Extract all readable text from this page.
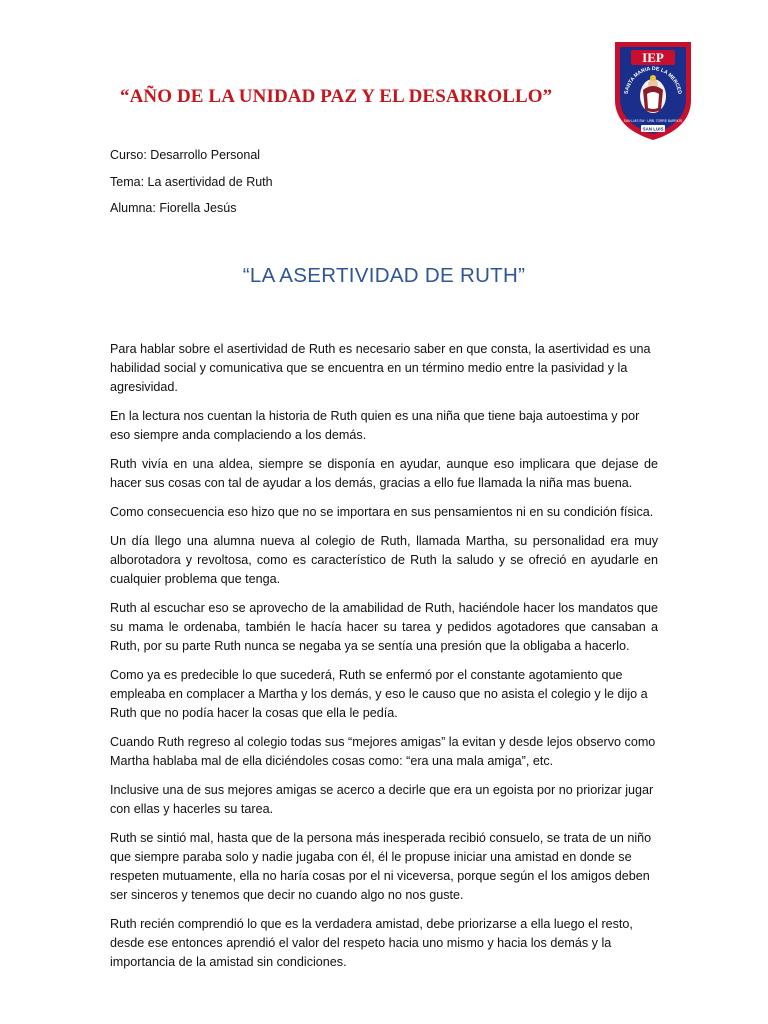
“AÑO DE LA UNIDAD PAZ Y EL DESARROLLO”
IEP
SANTA MARIA DE LA MERCED
SAN LUIS SW · URB. TORRE BARRIOS
SAN LUIS
Curso: Desarrollo Personal
Tema: La asertividad de Ruth
Alumna: Fiorella Jesús
“LA ASERTIVIDAD DE RUTH”

Para hablar sobre el asertividad de Ruth es necesario saber en que consta, la asertividad es una habilidad social y comunicativa que se encuentra en un término medio entre la pasividad y la agresividad.

En la lectura nos cuentan la historia de Ruth quien es una niña que tiene baja autoestima y por eso siempre anda complaciendo a los demás.

Ruth vivía en una aldea, siempre se disponía en ayudar, aunque eso implicara que dejase de hacer sus cosas con tal de ayudar a los demás, gracias a ello fue llamada la niña mas buena.

Como consecuencia eso hizo que no se importara en sus pensamientos ni en su condición física.

Un día llego una alumna nueva al colegio de Ruth, llamada Martha, su personalidad era muy alborotadora y revoltosa, como es característico de Ruth la saludo y se ofreció en ayudarle en cualquier problema que tenga.

Ruth al escuchar eso se aprovecho de la amabilidad de Ruth, haciéndole hacer los mandatos que su mama le ordenaba, también le hacía hacer su tarea y pedidos agotadores que cansaban a Ruth, por su parte Ruth nunca se negaba ya se sentía una presión que la obligaba a hacerlo.

Como ya es predecible lo que sucederá, Ruth se enfermó por el constante agotamiento que empleaba en complacer a Martha y los demás, y eso le causo que no asista el colegio y le dijo a Ruth que no podía hacer la cosas que ella le pedía.

Cuando Ruth regreso al colegio todas sus “mejores amigas” la evitan y desde lejos observo como Martha hablaba mal de ella diciéndoles cosas como: “era una mala amiga”, etc.

Inclusive una de sus mejores amigas se acerco a decirle que era un egoista por no priorizar jugar con ellas y hacerles su tarea.

Ruth se sintió mal, hasta que de la persona más inesperada recibió consuelo, se trata de un niño que siempre paraba solo y nadie jugaba con él, él le propuse iniciar una amistad en donde se respeten mutuamente, ella no haría cosas por el ni viceversa, porque según el los amigos deben ser sinceros y tenemos que decir no cuando algo no nos guste.

Ruth recién comprendió lo que es la verdadera amistad, debe priorizarse a ella luego el resto, desde ese entonces aprendió el valor del respeto hacia uno mismo y hacia los demás y la importancia de la amistad sin condiciones.
